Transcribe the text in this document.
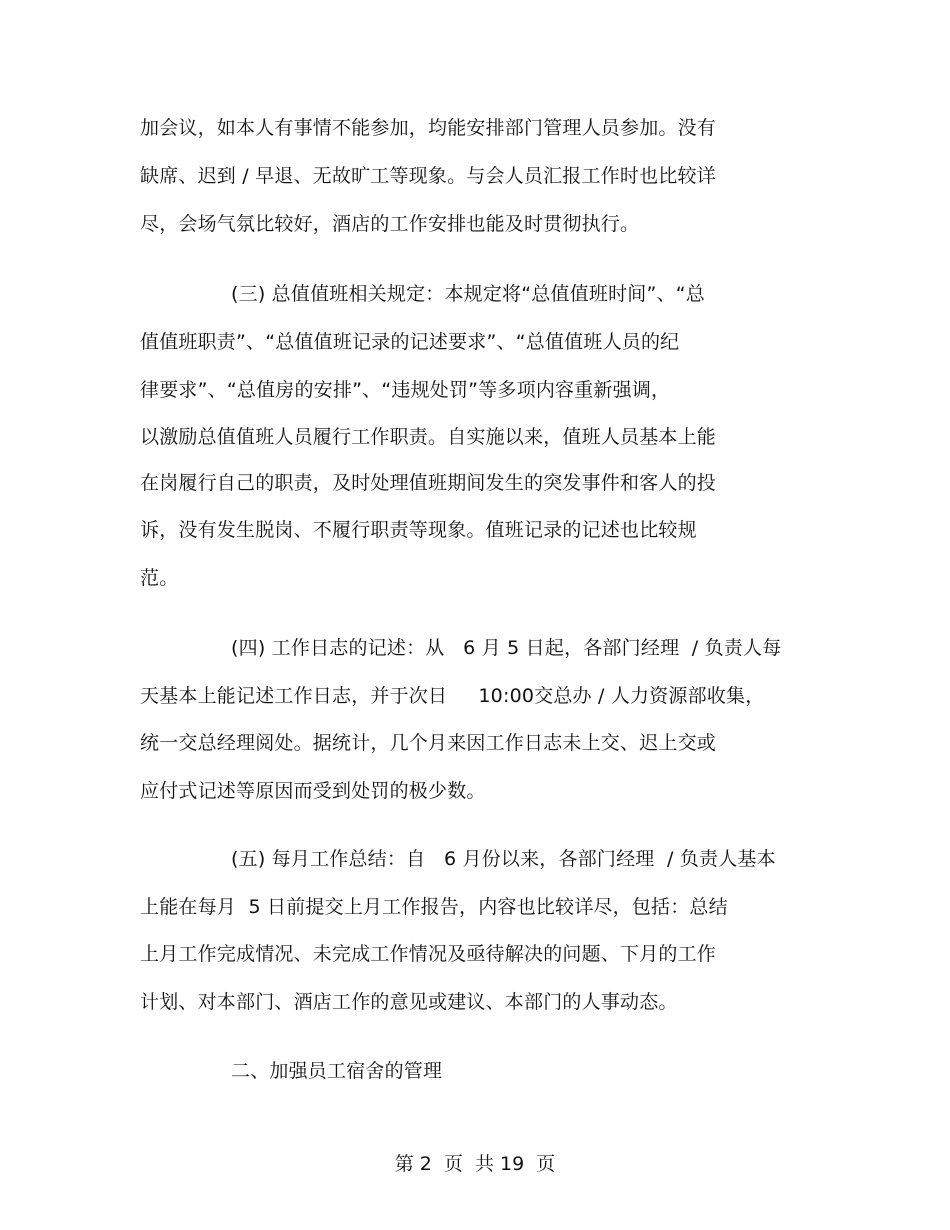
加会议，如本人有事情不能参加，均能安排部门管理人员参加。没有
缺席、迟到 / 早退、无故旷工等现象。与会人员汇报工作时也比较详
尽，会场气氛比较好，酒店的工作安排也能及时贯彻执行。
(三) 总值值班相关规定：本规定将“总值值班时间”、“总
值值班职责”、“总值值班记录的记述要求”、“总值值班人员的纪
律要求”、“总值房的安排”、“违规处罚”等多项内容重新强调，
以激励总值值班人员履行工作职责。自实施以来，值班人员基本上能
在岗履行自己的职责，及时处理值班期间发生的突发事件和客人的投
诉，没有发生脱岗、不履行职责等现象。值班记录的记述也比较规
范。
(四) 工作日志的记述：从   6 月 5 日起，各部门经理  / 负责人每
天基本上能记述工作日志，并于次日     10:00交总办 / 人力资源部收集，
统一交总经理阅处。据统计，几个月来因工作日志未上交、迟上交或
应付式记述等原因而受到处罚的极少数。
(五) 每月工作总结：自   6 月份以来，各部门经理  / 负责人基本
上能在每月  5 日前提交上月工作报告，内容也比较详尽，包括：总结
上月工作完成情况、未完成工作情况及亟待解决的问题、下月的工作
计划、对本部门、酒店工作的意见或建议、本部门的人事动态。
二、加强员工宿舍的管理
第 2  页  共 19  页
